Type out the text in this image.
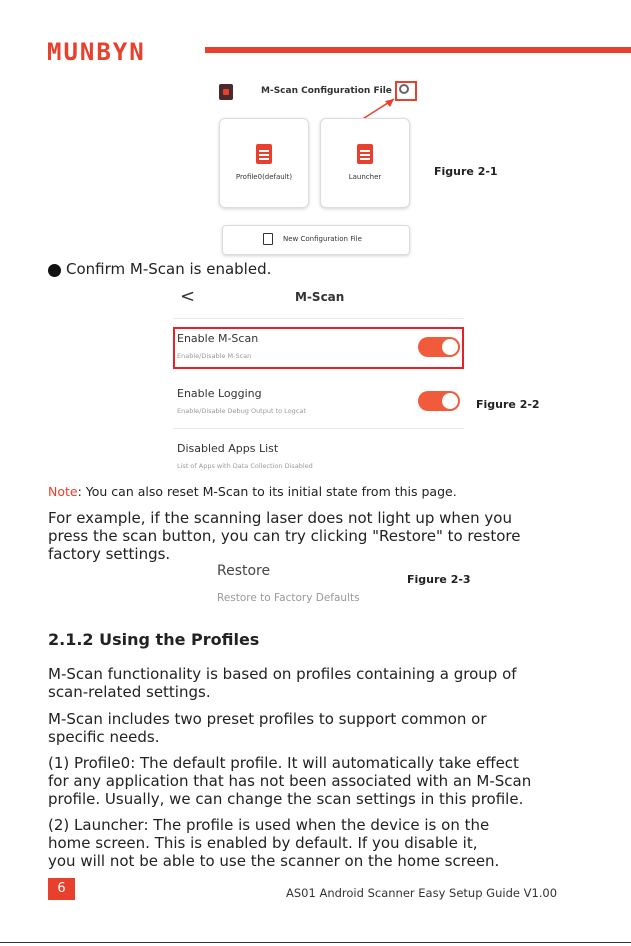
MUNBYN
M-Scan Configuration File
Profile0(default)	Launcher	Figure 2-1
New Configuration File
Confirm M-Scan is enabled.
<	M-Scan
Enable M-Scan
Enable/Disable M-Scan
Enable Logging
Enable/Disable Debug Output to Logcat	Figure 2-2
Disabled Apps List
List of Apps with Data Collection Disabled
Note: You can also reset M-Scan to its initial state from this page.
For example, if the scanning laser does not light up when you
press the scan button, you can try clicking "Restore" to restore
factory settings.
Restore
Restore to Factory Defaults
Figure 2-3
2.1.2 Using the Profiles
M-Scan functionality is based on profiles containing a group of
scan-related settings.
M-Scan includes two preset profiles to support common or
specific needs.
(1) Profile0: The default profile. It will automatically take effect
for any application that has not been associated with an M-Scan
profile. Usually, we can change the scan settings in this profile.
(2) Launcher: The profile is used when the device is on the
home screen. This is enabled by default. If you disable it,
you will not be able to use the scanner on the home screen.
6	AS01 Android Scanner Easy Setup Guide V1.00
